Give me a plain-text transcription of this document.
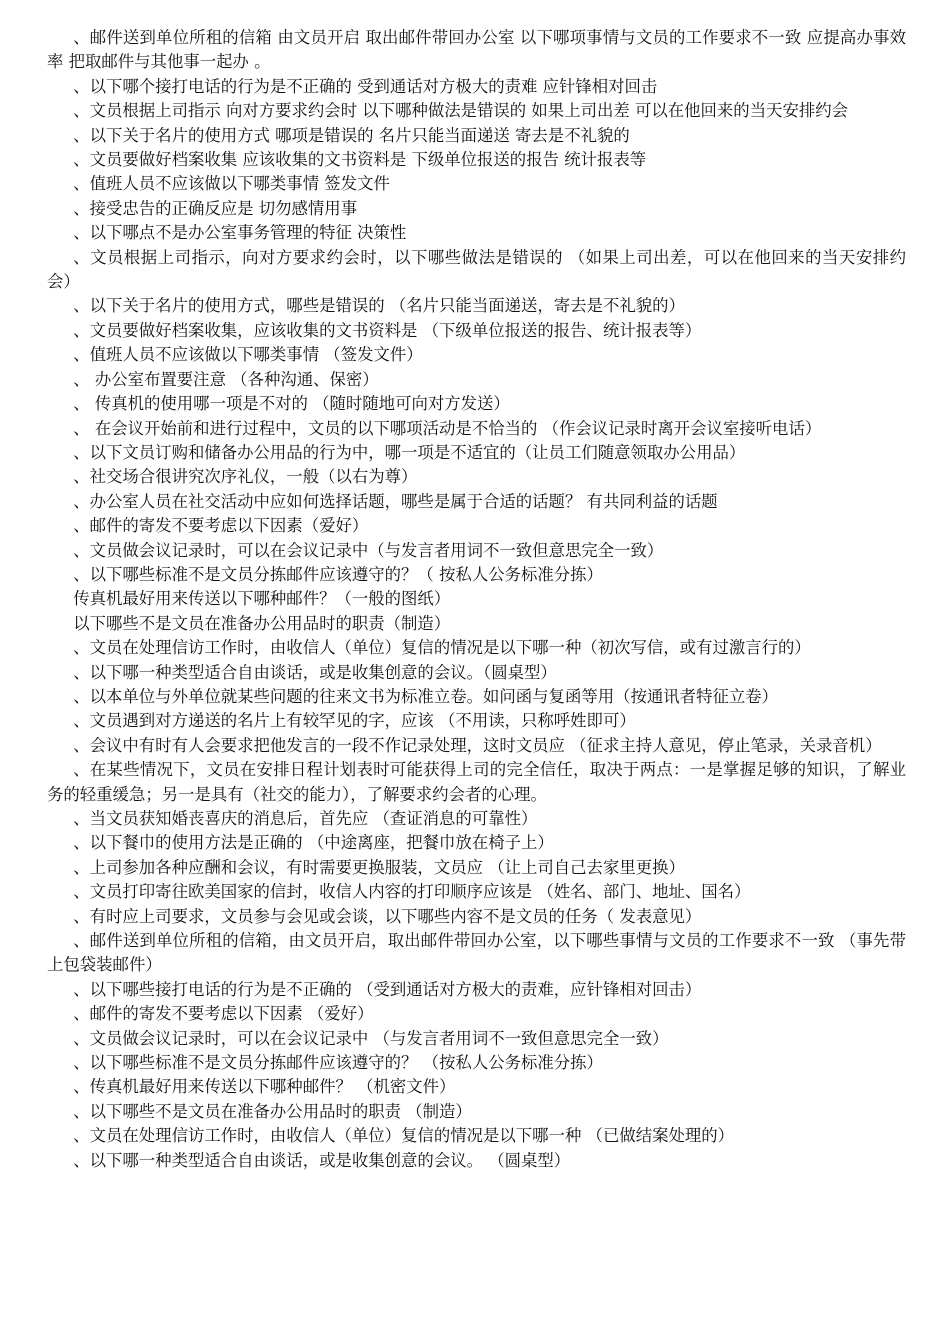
、邮件送到单位所租的信箱 由文员开启 取出邮件带回办公室 以下哪项事情与文员的工作要求不一致 应提高办事效率 把取邮件与其他事一起办 。

、以下哪个接打电话的行为是不正确的 受到通话对方极大的责难 应针锋相对回击

、文员根据上司指示 向对方要求约会时 以下哪种做法是错误的 如果上司出差 可以在他回来的当天安排约会

、以下关于名片的使用方式 哪项是错误的 名片只能当面递送 寄去是不礼貌的

、文员要做好档案收集 应该收集的文书资料是 下级单位报送的报告 统计报表等

、值班人员不应该做以下哪类事情 签发文件

、接受忠告的正确反应是 切勿感情用事

、以下哪点不是办公室事务管理的特征 决策性

、文员根据上司指示，向对方要求约会时，以下哪些做法是错误的 （如果上司出差，可以在他回来的当天安排约会）

、以下关于名片的使用方式，哪些是错误的 （名片只能当面递送，寄去是不礼貌的）

、文员要做好档案收集，应该收集的文书资料是 （下级单位报送的报告、统计报表等）

、值班人员不应该做以下哪类事情 （签发文件）

、 办公室布置要注意 （各种沟通、保密）

、 传真机的使用哪一项是不对的 （随时随地可向对方发送）

、 在会议开始前和进行过程中，文员的以下哪项活动是不恰当的 （作会议记录时离开会议室接听电话）

、以下文员订购和储备办公用品的行为中，哪一项是不适宜的（让员工们随意领取办公用品）

、社交场合很讲究次序礼仪，一般（以右为尊）

、办公室人员在社交活动中应如何选择话题，哪些是属于合适的话题？ 有共同利益的话题

、邮件的寄发不要考虑以下因素（爱好）

、文员做会议记录时，可以在会议记录中（与发言者用词不一致但意思完全一致）

、以下哪些标准不是文员分拣邮件应该遵守的？（ 按私人公务标准分拣）

传真机最好用来传送以下哪种邮件？（一般的图纸）

以下哪些不是文员在准备办公用品时的职责（制造）

、文员在处理信访工作时，由收信人（单位）复信的情况是以下哪一种（初次写信，或有过激言行的）

、以下哪一种类型适合自由谈话，或是收集创意的会议。（圆桌型）

、以本单位与外单位就某些问题的往来文书为标准立卷。如问函与复函等用（按通讯者特征立卷）

、文员遇到对方递送的名片上有较罕见的字，应该 （不用读，只称呼姓即可）

、会议中有时有人会要求把他发言的一段不作记录处理，这时文员应 （征求主持人意见，停止笔录，关录音机）

、在某些情况下，文员在安排日程计划表时可能获得上司的完全信任，取决于两点：一是掌握足够的知识，了解业务的轻重缓急；另一是具有（社交的能力），了解要求约会者的心理。

、当文员获知婚丧喜庆的消息后，首先应 （查证消息的可靠性）

、以下餐巾的使用方法是正确的 （中途离座，把餐巾放在椅子上）

、上司参加各种应酬和会议，有时需要更换服装，文员应 （让上司自己去家里更换）

、文员打印寄往欧美国家的信封，收信人内容的打印顺序应该是 （姓名、部门、地址、国名）

、有时应上司要求，文员参与会见或会谈，以下哪些内容不是文员的任务（ 发表意见）

、邮件送到单位所租的信箱，由文员开启，取出邮件带回办公室，以下哪些事情与文员的工作要求不一致 （事先带上包袋装邮件）

、以下哪些接打电话的行为是不正确的 （受到通话对方极大的责难，应针锋相对回击）

、邮件的寄发不要考虑以下因素 （爱好）

、文员做会议记录时，可以在会议记录中 （与发言者用词不一致但意思完全一致）

、以下哪些标准不是文员分拣邮件应该遵守的？ （按私人公务标准分拣）

、传真机最好用来传送以下哪种邮件？ （机密文件）

、以下哪些不是文员在准备办公用品时的职责 （制造）

、文员在处理信访工作时，由收信人（单位）复信的情况是以下哪一种 （已做结案处理的）

、以下哪一种类型适合自由谈话，或是收集创意的会议。 （圆桌型）
